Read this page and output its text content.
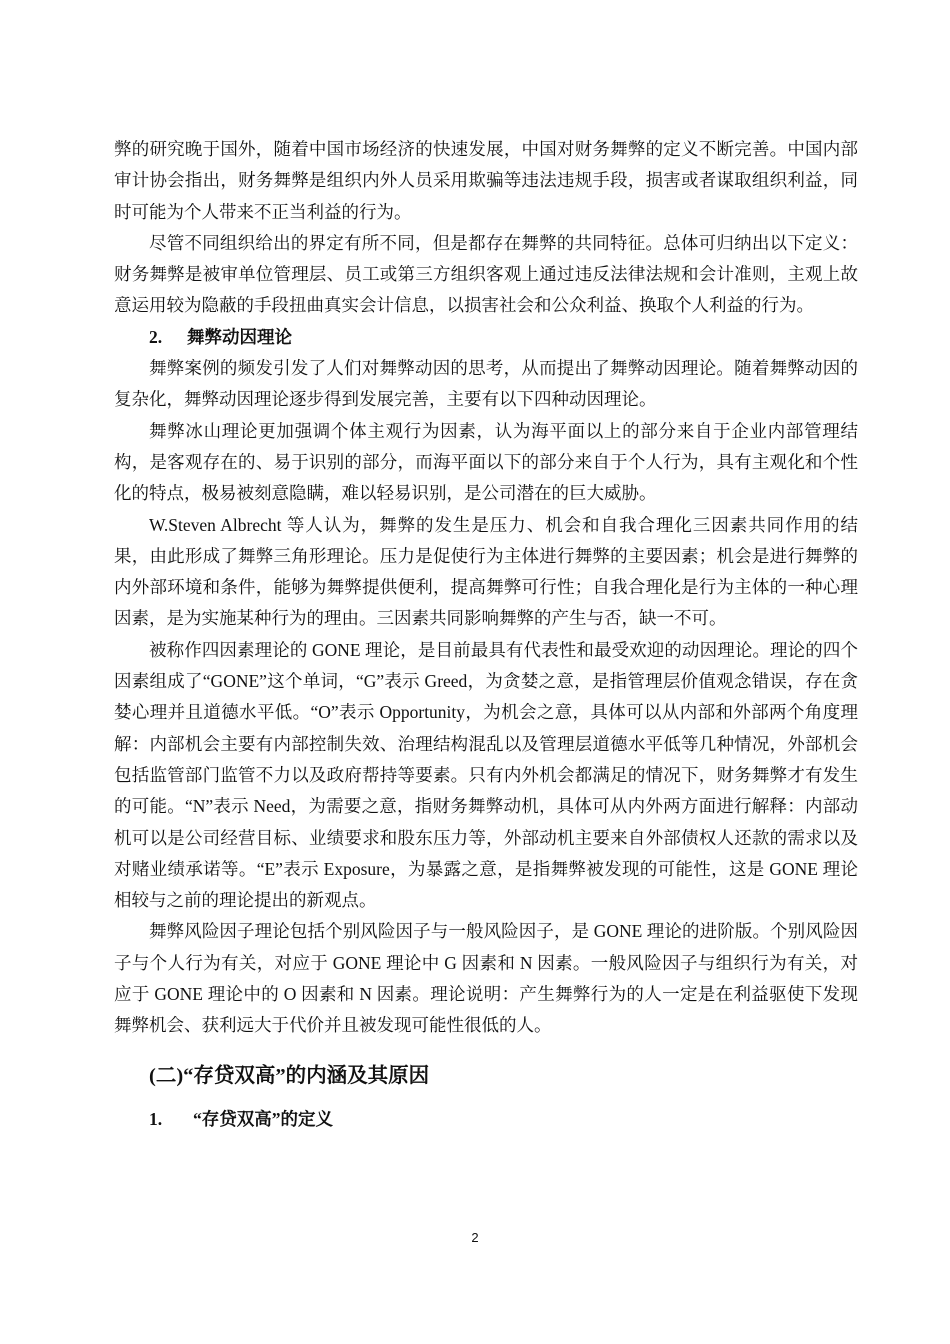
弊的研究晚于国外，随着中国市场经济的快速发展，中国对财务舞弊的定义不断完善。中国内部审计协会指出，财务舞弊是组织内外人员采用欺骗等违法违规手段，损害或者谋取组织利益，同时可能为个人带来不正当利益的行为。

尽管不同组织给出的界定有所不同，但是都存在舞弊的共同特征。总体可归纳出以下定义：财务舞弊是被审单位管理层、员工或第三方组织客观上通过违反法律法规和会计准则，主观上故意运用较为隐蔽的手段扭曲真实会计信息，以损害社会和公众利益、换取个人利益的行为。

2.	舞弊动因理论

舞弊案例的频发引发了人们对舞弊动因的思考，从而提出了舞弊动因理论。随着舞弊动因的复杂化，舞弊动因理论逐步得到发展完善，主要有以下四种动因理论。

舞弊冰山理论更加强调个体主观行为因素，认为海平面以上的部分来自于企业内部管理结构，是客观存在的、易于识别的部分，而海平面以下的部分来自于个人行为，具有主观化和个性化的特点，极易被刻意隐瞒，难以轻易识别，是公司潜在的巨大威胁。

W.Steven Albrecht 等人认为，舞弊的发生是压力、机会和自我合理化三因素共同作用的结果，由此形成了舞弊三角形理论。压力是促使行为主体进行舞弊的主要因素；机会是进行舞弊的内外部环境和条件，能够为舞弊提供便利，提高舞弊可行性；自我合理化是行为主体的一种心理因素，是为实施某种行为的理由。三因素共同影响舞弊的产生与否，缺一不可。

被称作四因素理论的 GONE 理论，是目前最具有代表性和最受欢迎的动因理论。理论的四个因素组成了“GONE”这个单词，“G”表示 Greed，为贪婪之意，是指管理层价值观念错误，存在贪婪心理并且道德水平低。“O”表示 Opportunity，为机会之意，具体可以从内部和外部两个角度理解：内部机会主要有内部控制失效、治理结构混乱以及管理层道德水平低等几种情况，外部机会包括监管部门监管不力以及政府帮持等要素。只有内外机会都满足的情况下，财务舞弊才有发生的可能。“N”表示 Need，为需要之意，指财务舞弊动机，具体可从内外两方面进行解释：内部动机可以是公司经营目标、业绩要求和股东压力等，外部动机主要来自外部债权人还款的需求以及对赌业绩承诺等。“E”表示 Exposure，为暴露之意，是指舞弊被发现的可能性，这是 GONE 理论相较与之前的理论提出的新观点。

舞弊风险因子理论包括个别风险因子与一般风险因子，是 GONE 理论的进阶版。个别风险因子与个人行为有关，对应于 GONE 理论中 G 因素和 N 因素。一般风险因子与组织行为有关，对应于 GONE 理论中的 O 因素和 N 因素。理论说明：产生舞弊行为的人一定是在利益驱使下发现舞弊机会、获利远大于代价并且被发现可能性很低的人。

(二)“存贷双高”的内涵及其原因
1.	“存贷双高”的定义
2
